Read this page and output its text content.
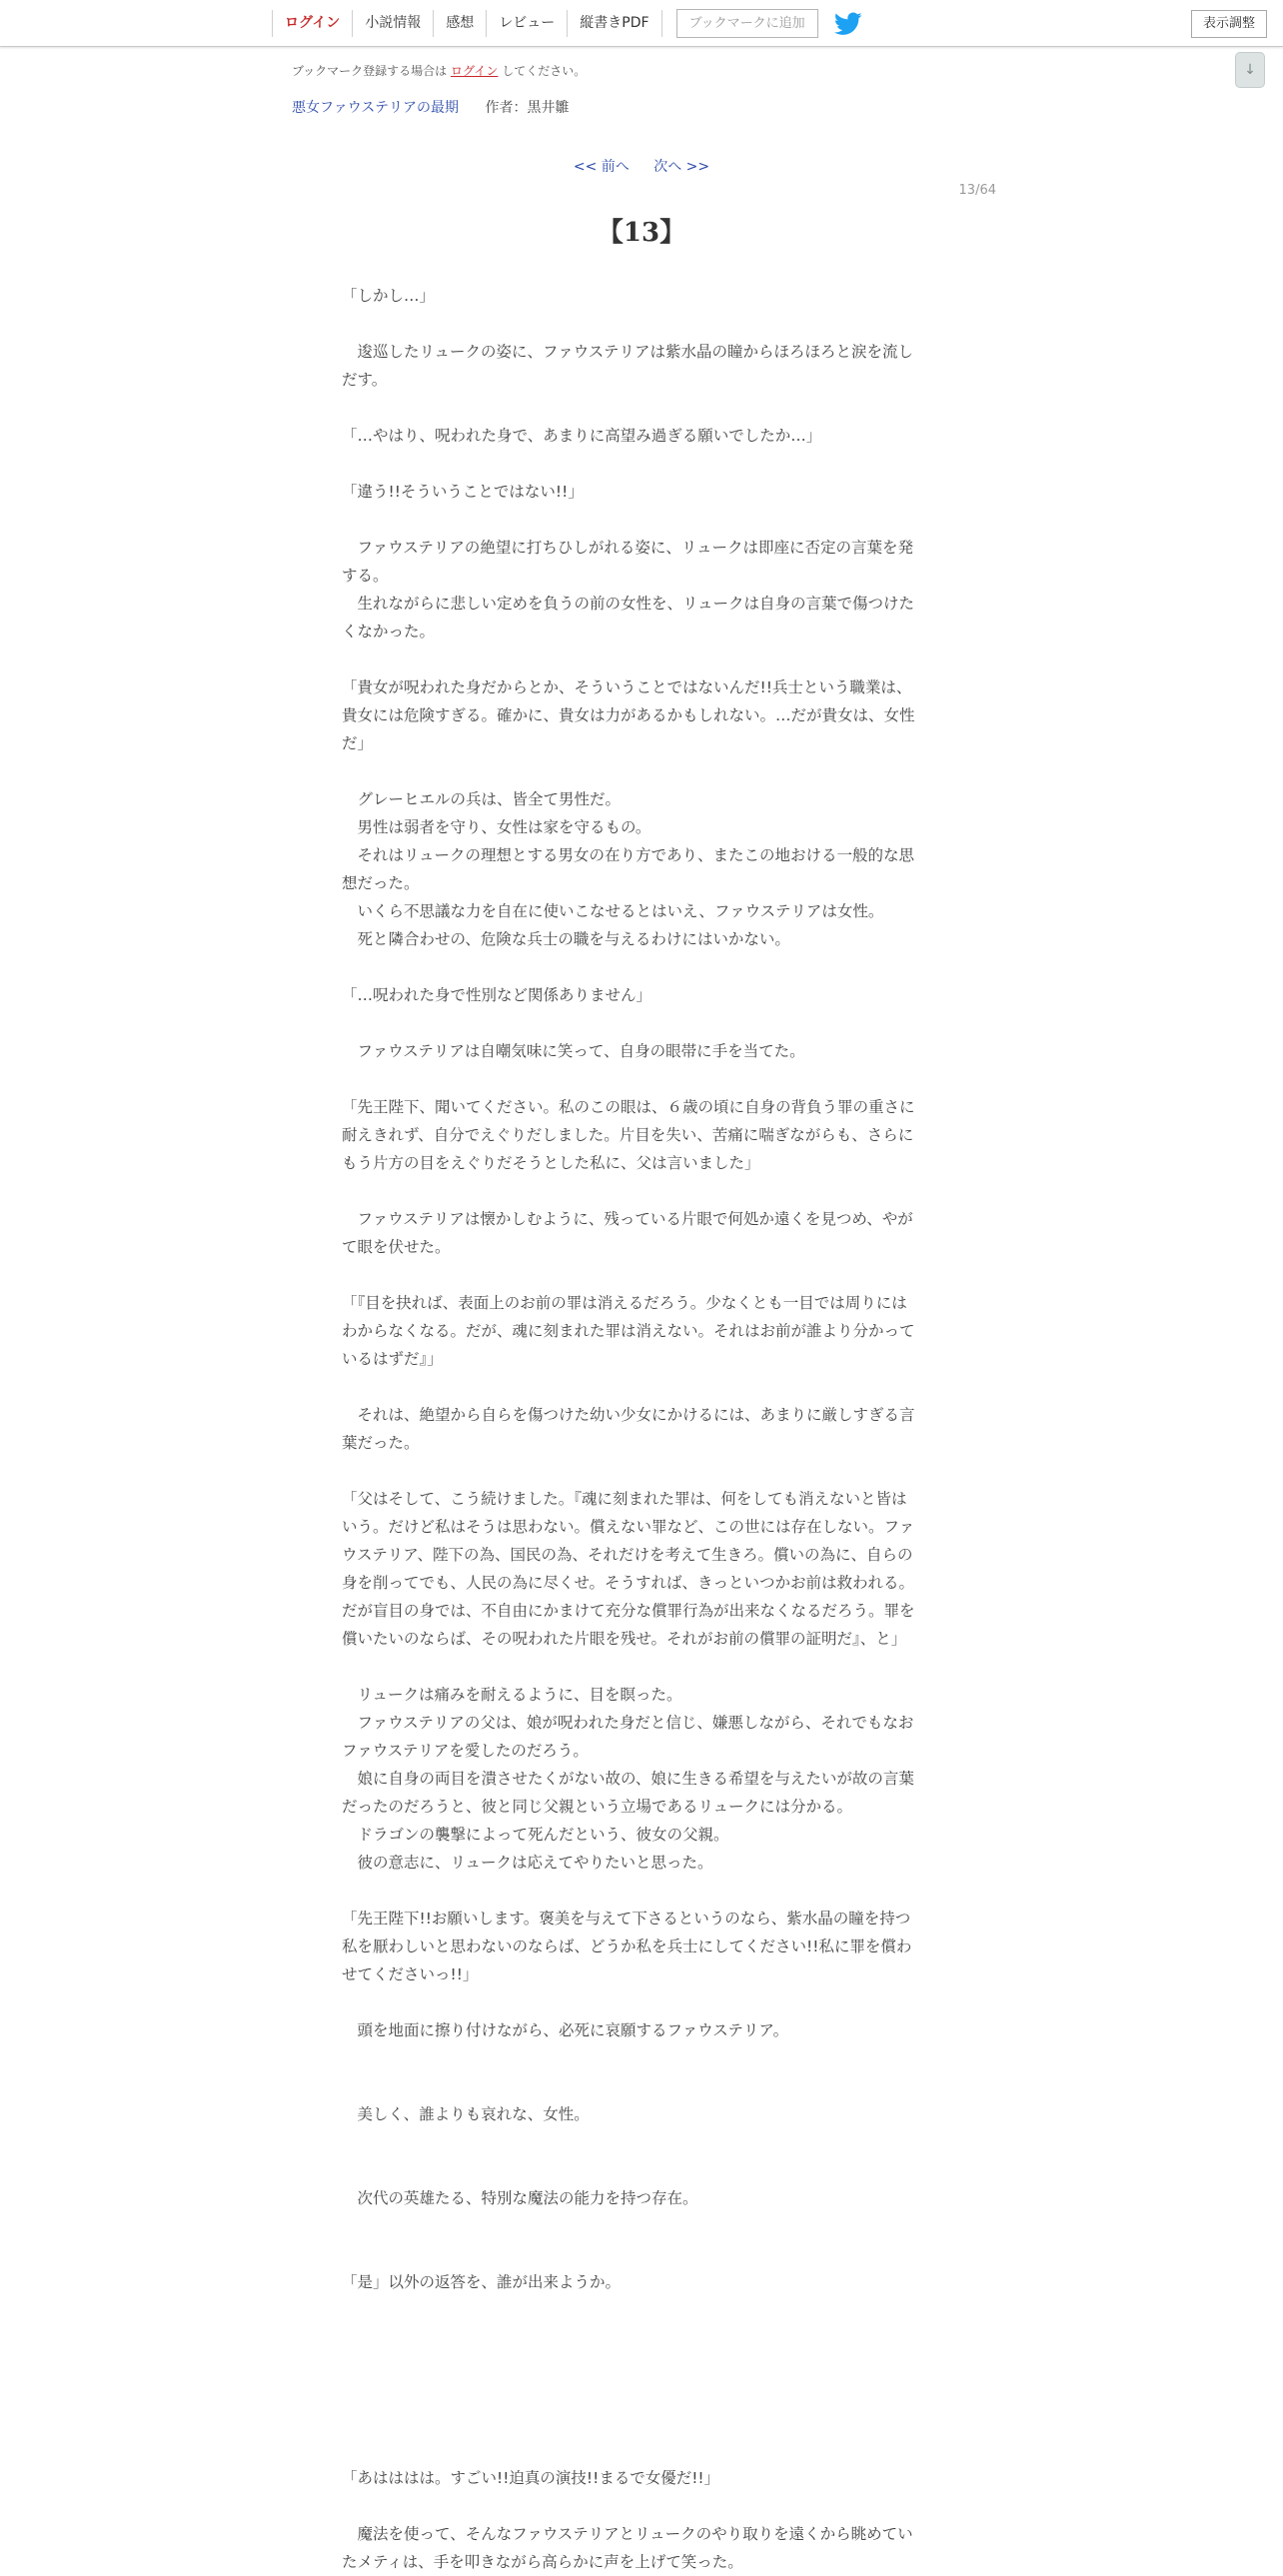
ログイン	小説情報	感想	レビュー	縦書きPDF	ブックマークに追加	表示調整
↓
ブックマーク登録する場合は ログイン してください。
悪女ファウステリアの最期 作者：黒井雛
<< 前へ 次へ >>
13/64
【13】
「しかし…」
　逡巡したリュークの姿に、ファウステリアは紫水晶の瞳からほろほろと涙を流し
だす。
「…やはり、呪われた身で、あまりに高望み過ぎる願いでしたか…」
「違う!!そういうことではない!!」
　ファウステリアの絶望に打ちひしがれる姿に、リュークは即座に否定の言葉を発
する。
　生れながらに悲しい定めを負うの前の女性を、リュークは自身の言葉で傷つけた
くなかった。
「貴女が呪われた身だからとか、そういうことではないんだ!!兵士という職業は、
貴女には危険すぎる。確かに、貴女は力があるかもしれない。…だが貴女は、女性
だ」
　グレーヒエルの兵は、皆全て男性だ。
　男性は弱者を守り、女性は家を守るもの。
　それはリュークの理想とする男女の在り方であり、またこの地おける一般的な思
想だった。
　いくら不思議な力を自在に使いこなせるとはいえ、ファウステリアは女性。
　死と隣合わせの、危険な兵士の職を与えるわけにはいかない。
「…呪われた身で性別など関係ありません」
　ファウステリアは自嘲気味に笑って、自身の眼帯に手を当てた。
「先王陛下、聞いてください。私のこの眼は、６歳の頃に自身の背負う罪の重さに
耐えきれず、自分でえぐりだしました。片目を失い、苦痛に喘ぎながらも、さらに
もう片方の目をえぐりだそうとした私に、父は言いました」
　ファウステリアは懐かしむように、残っている片眼で何処か遠くを見つめ、やが
て眼を伏せた。
「『目を抉れば、表面上のお前の罪は消えるだろう。少なくとも一目では周りには
わからなくなる。だが、魂に刻まれた罪は消えない。それはお前が誰より分かって
いるはずだ』」
　それは、絶望から自らを傷つけた幼い少女にかけるには、あまりに厳しすぎる言
葉だった。
「父はそして、こう続けました。『魂に刻まれた罪は、何をしても消えないと皆は
いう。だけど私はそうは思わない。償えない罪など、この世には存在しない。ファ
ウステリア、陛下の為、国民の為、それだけを考えて生きろ。償いの為に、自らの
身を削ってでも、人民の為に尽くせ。そうすれば、きっといつかお前は救われる。
だが盲目の身では、不自由にかまけて充分な償罪行為が出来なくなるだろう。罪を
償いたいのならば、その呪われた片眼を残せ。それがお前の償罪の証明だ』、と」
　リュークは痛みを耐えるように、目を瞑った。
　ファウステリアの父は、娘が呪われた身だと信じ、嫌悪しながら、それでもなお
ファウステリアを愛したのだろう。
　娘に自身の両目を潰させたくがない故の、娘に生きる希望を与えたいが故の言葉
だったのだろうと、彼と同じ父親という立場であるリュークには分かる。
　ドラゴンの襲撃によって死んだという、彼女の父親。
　彼の意志に、リュークは応えてやりたいと思った。
「先王陛下!!お願いします。褒美を与えて下さるというのなら、紫水晶の瞳を持つ
私を厭わしいと思わないのならば、どうか私を兵士にしてください!!私に罪を償わ
せてくださいっ!!」
　頭を地面に擦り付けながら、必死に哀願するファウステリア。
　美しく、誰よりも哀れな、女性。
　次代の英雄たる、特別な魔法の能力を持つ存在。
「是」以外の返答を、誰が出来ようか。
「あはははは。すごい!!迫真の演技!!まるで女優だ!!」
　魔法を使って、そんなファウステリアとリュークのやり取りを遠くから眺めてい
たメティは、手を叩きながら高らかに声を上げて笑った。
